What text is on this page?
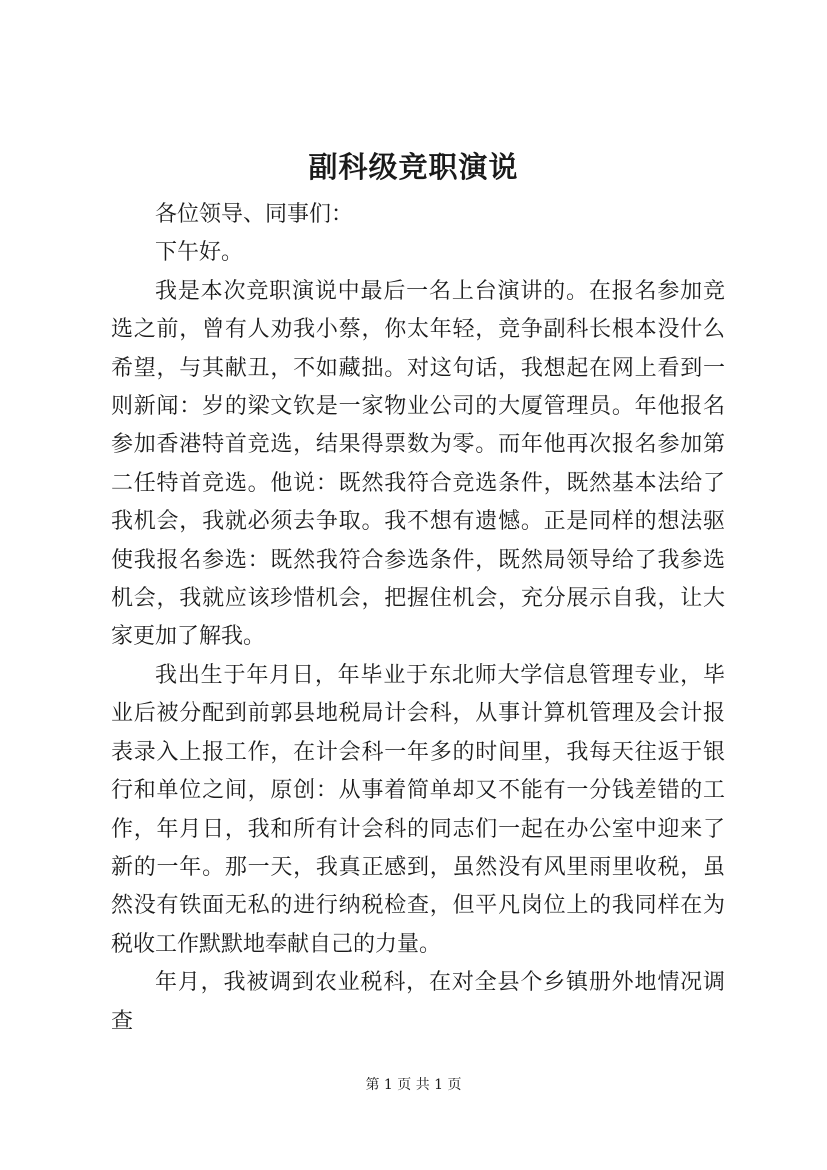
副科级竞职演说

各位领导、同事们：

下午好。

我是本次竞职演说中最后一名上台演讲的。在报名参加竞选之前，曾有人劝我小蔡，你太年轻，竞争副科长根本没什么希望，与其献丑，不如藏拙。对这句话，我想起在网上看到一则新闻：岁的梁文钦是一家物业公司的大厦管理员。年他报名参加香港特首竞选，结果得票数为零。而年他再次报名参加第二任特首竞选。他说：既然我符合竞选条件，既然基本法给了我机会，我就必须去争取。我不想有遗憾。正是同样的想法驱使我报名参选：既然我符合参选条件，既然局领导给了我参选机会，我就应该珍惜机会，把握住机会，充分展示自我，让大家更加了解我。

我出生于年月日，年毕业于东北师大学信息管理专业，毕业后被分配到前郭县地税局计会科，从事计算机管理及会计报表录入上报工作，在计会科一年多的时间里，我每天往返于银行和单位之间，原创：从事着简单却又不能有一分钱差错的工作，年月日，我和所有计会科的同志们一起在办公室中迎来了新的一年。那一天，我真正感到，虽然没有风里雨里收税，虽然没有铁面无私的进行纳税检查，但平凡岗位上的我同样在为税收工作默默地奉献自己的力量。

年月，我被调到农业税科，在对全县个乡镇册外地情况调查

第 1 页 共 1 页
